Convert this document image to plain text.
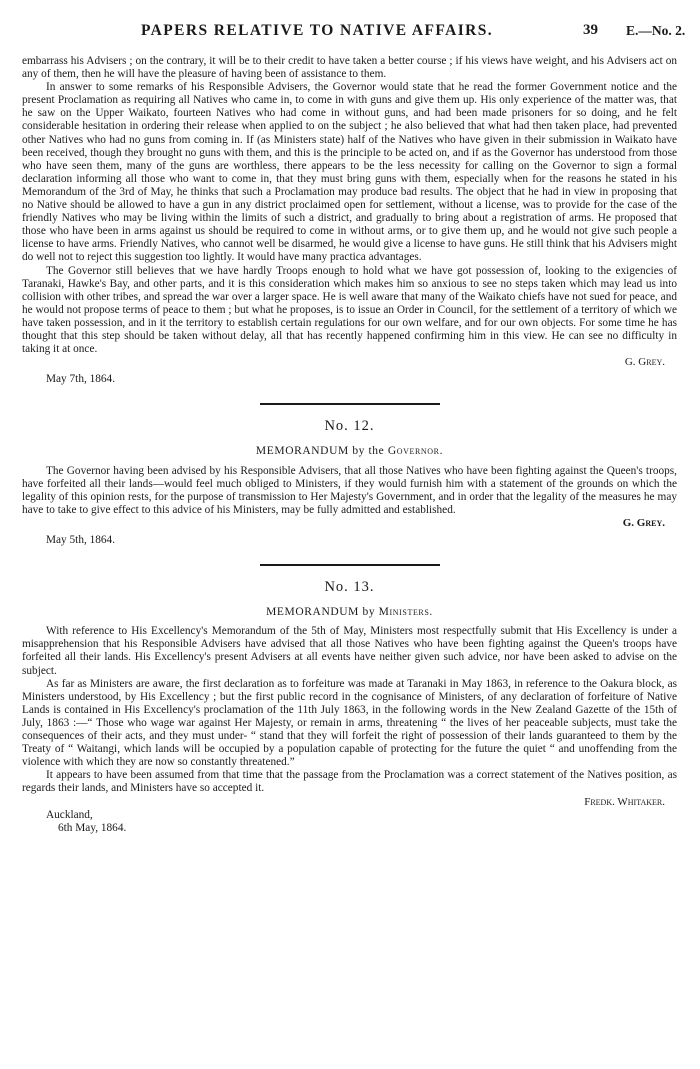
PAPERS RELATIVE TO NATIVE AFFAIRS.	39 E.—No. 2.

embarrass his Advisers ; on the contrary, it will be to their credit to have taken a better course ; if his views have weight, and his Advisers act on any of them, then he will have the pleasure of having been of assistance to them.

In answer to some remarks of his Responsible Advisers, the Governor would state that he read the former Government notice and the present Proclamation as requiring all Natives who came in, to come in with guns and give them up. His only experience of the matter was, that he saw on the Upper Waikato, fourteen Natives who had come in without guns, and had been made prisoners for so doing, and he felt considerable hesitation in ordering their release when applied to on the subject ; he also believed that what had then taken place, had prevented other Natives who had no guns from coming in. If (as Ministers state) half of the Natives who have given in their submission in Waikato have been received, though they brought no guns with them, and this is the principle to be acted on, and if as the Governor has understood from those who have seen them, many of the guns are worthless, there appears to be the less necessity for calling on the Governor to sign a formal declaration informing all those who want to come in, that they must bring guns with them, especially when for the reasons he stated in his Memorandum of the 3rd of May, he thinks that such a Proclamation may produce bad results. The object that he had in view in proposing that no Native should be allowed to have a gun in any district proclaimed open for settlement, without a license, was to provide for the case of the friendly Natives who may be living within the limits of such a district, and gradually to bring about a registration of arms. He proposed that those who have been in arms against us should be required to come in without arms, or to give them up, and he would not give such people a license to have arms. Friendly Natives, who cannot well be disarmed, he would give a license to have guns. He still think that his Advisers might do well not to reject this suggestion too lightly. It would have many practica advantages.

The Governor still believes that we have hardly Troops enough to hold what we have got possession of, looking to the exigencies of Taranaki, Hawke's Bay, and other parts, and it is this consideration which makes him so anxious to see no steps taken which may lead us into collision with other tribes, and spread the war over a larger space. He is well aware that many of the Waikato chiefs have not sued for peace, and he would not propose terms of peace to them ; but what he proposes, is to issue an Order in Council, for the settlement of a territory of which we have taken possession, and in it the territory to establish certain regulations for our own welfare, and for our own objects. For some time he has thought that this step should be taken without delay, all that has recently happened confirming him in this view. He can see no difficulty in taking it at once.

G. Grey.

May 7th, 1864.

No. 12.
MEMORANDUM by the Governor.

The Governor having been advised by his Responsible Advisers, that all those Natives who have been fighting against the Queen's troops, have forfeited all their lands—would feel much obliged to Ministers, if they would furnish him with a statement of the grounds on which the legality of this opinion rests, for the purpose of transmission to Her Majesty's Government, and in order that the legality of the measures he may have to take to give effect to this advice of his Ministers, may be fully admitted and established.

G. Grey.

May 5th, 1864.

No. 13.
MEMORANDUM by Ministers.

With reference to His Excellency's Memorandum of the 5th of May, Ministers most respectfully submit that His Excellency is under a misapprehension that his Responsible Advisers have advised that all those Natives who have been fighting against the Queen's troops have forfeited all their lands. His Excellency's present Advisers at all events have neither given such advice, nor have been asked to advise on the subject.

As far as Ministers are aware, the first declaration as to forfeiture was made at Taranaki in May 1863, in reference to the Oakura block, as Ministers understood, by His Excellency ; but the first public record in the cognisance of Ministers, of any declaration of forfeiture of Native Lands is contained in His Excellency's proclamation of the 11th July 1863, in the following words in the New Zealand Gazette of the 15th of July, 1863 :—“ Those who wage war against Her Majesty, or remain in arms, threatening “ the lives of her peaceable subjects, must take the consequences of their acts, and they must under- “ stand that they will forfeit the right of possession of their lands guaranteed to them by the Treaty of “ Waitangi, which lands will be occupied by a population capable of protecting for the future the quiet “ and unoffending from the violence with which they are now so constantly threatened.”

It appears to have been assumed from that time that the passage from the Proclamation was a correct statement of the Natives position, as regards their lands, and Ministers have so accepted it.

Fredk. Whitaker.

Auckland,

6th May, 1864.
